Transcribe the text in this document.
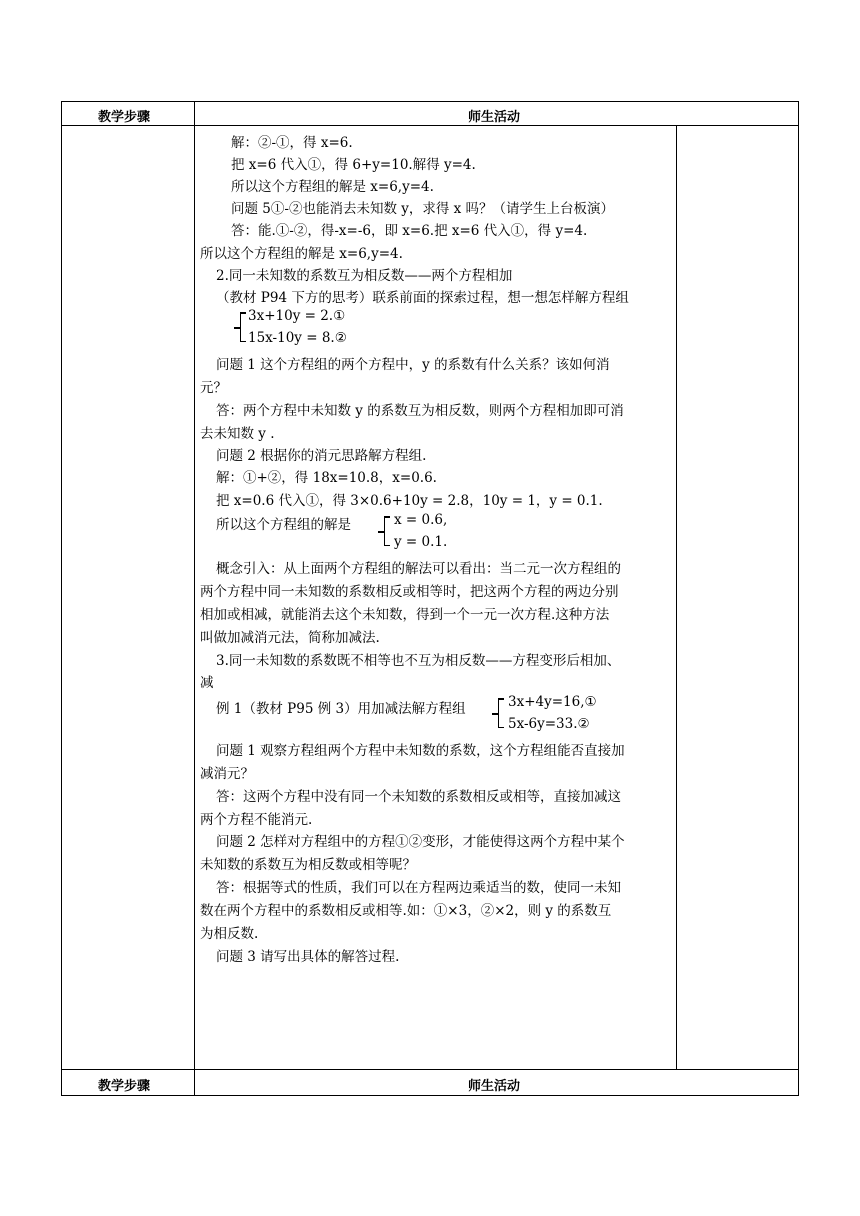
教学步骤	师生活动
教学步骤	师生活动
解：②-①，得 x=6.
把 x=6 代入①，得 6+y=10.解得 y=4.
所以这个方程组的解是 x=6,y=4.
问题 5①-②也能消去未知数 y，求得 x 吗？（请学生上台板演）
答：能.①-②，得-x=-6，即 x=6.把 x=6 代入①，得 y=4.
所以这个方程组的解是 x=6,y=4.
2.同一未知数的系数互为相反数——两个方程相加
（教材 P94 下方的思考）联系前面的探索过程，想一想怎样解方程组
3x+10y = 2.①
15x-10y = 8.②
问题 1 这个方程组的两个方程中，y 的系数有什么关系？该如何消
元？
答：两个方程中未知数 y 的系数互为相反数，则两个方程相加即可消
去未知数 y .
问题 2 根据你的消元思路解方程组.
解：①+②，得 18x=10.8，x=0.6.
把 x=0.6 代入①，得 3×0.6+10y = 2.8，10y = 1，y = 0.1.
所以这个方程组的解是	x = 0.6,
y = 0.1.
概念引入：从上面两个方程组的解法可以看出：当二元一次方程组的
两个方程中同一未知数的系数相反或相等时，把这两个方程的两边分别
相加或相减，就能消去这个未知数，得到一个一元一次方程.这种方法
叫做加减消元法，简称加减法.
3.同一未知数的系数既不相等也不互为相反数——方程变形后相加、
减
例 1（教材 P95 例 3）用加减法解方程组	3x+4y=16,①
5x-6y=33.②
问题 1 观察方程组两个方程中未知数的系数，这个方程组能否直接加
减消元？
答：这两个方程中没有同一个未知数的系数相反或相等，直接加减这
两个方程不能消元.
问题 2 怎样对方程组中的方程①②变形，才能使得这两个方程中某个
未知数的系数互为相反数或相等呢？
答：根据等式的性质，我们可以在方程两边乘适当的数，使同一未知
数在两个方程中的系数相反或相等.如：①×3，②×2，则 y 的系数互
为相反数.
问题 3 请写出具体的解答过程.
